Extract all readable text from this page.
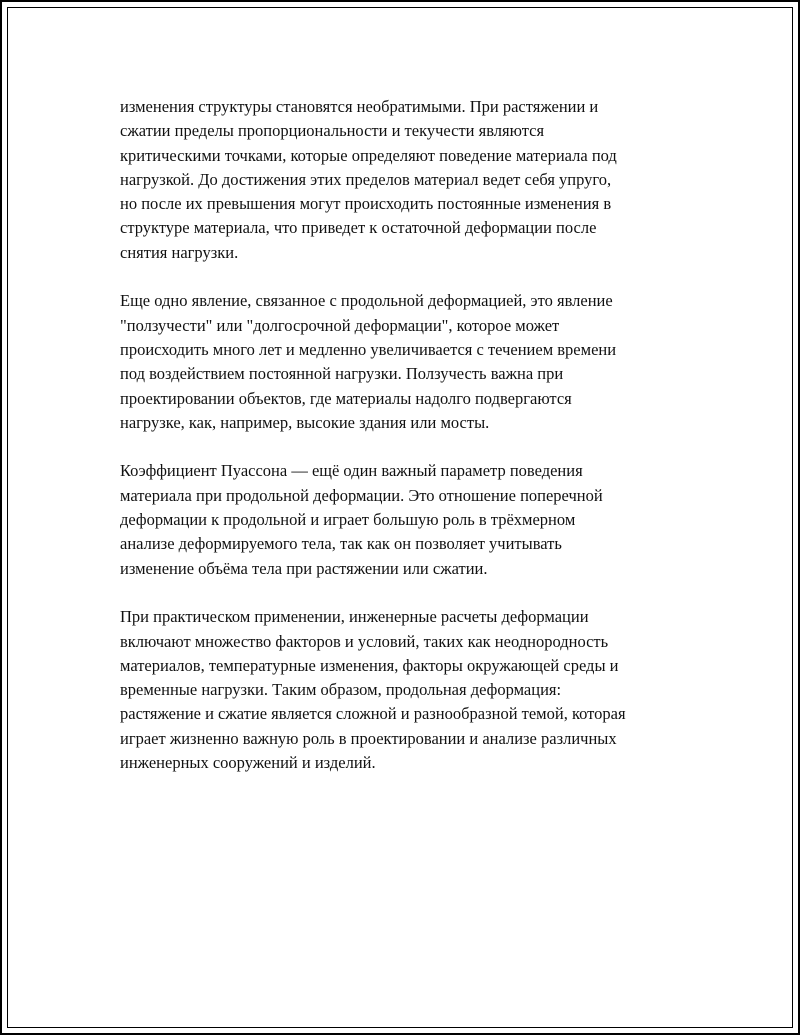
изменения структуры становятся необратимыми. При растяжении и
сжатии пределы пропорциональности и текучести являются
критическими точками, которые определяют поведение материала под
нагрузкой. До достижения этих пределов материал ведет себя упруго,
но после их превышения могут происходить постоянные изменения в
структуре материала, что приведет к остаточной деформации после
снятия нагрузки.

Еще одно явление, связанное с продольной деформацией, это явление
"ползучести" или "долгосрочной деформации", которое может
происходить много лет и медленно увеличивается с течением времени
под воздействием постоянной нагрузки. Ползучесть важна при
проектировании объектов, где материалы надолго подвергаются
нагрузке, как, например, высокие здания или мосты.

Коэффициент Пуассона — ещё один важный параметр поведения
материала при продольной деформации. Это отношение поперечной
деформации к продольной и играет большую роль в трёхмерном
анализе деформируемого тела, так как он позволяет учитывать
изменение объёма тела при растяжении или сжатии.

При практическом применении, инженерные расчеты деформации
включают множество факторов и условий, таких как неоднородность
материалов, температурные изменения, факторы окружающей среды и
временные нагрузки. Таким образом, продольная деформация:
растяжение и сжатие является сложной и разнообразной темой, которая
играет жизненно важную роль в проектировании и анализе различных
инженерных сооружений и изделий.
